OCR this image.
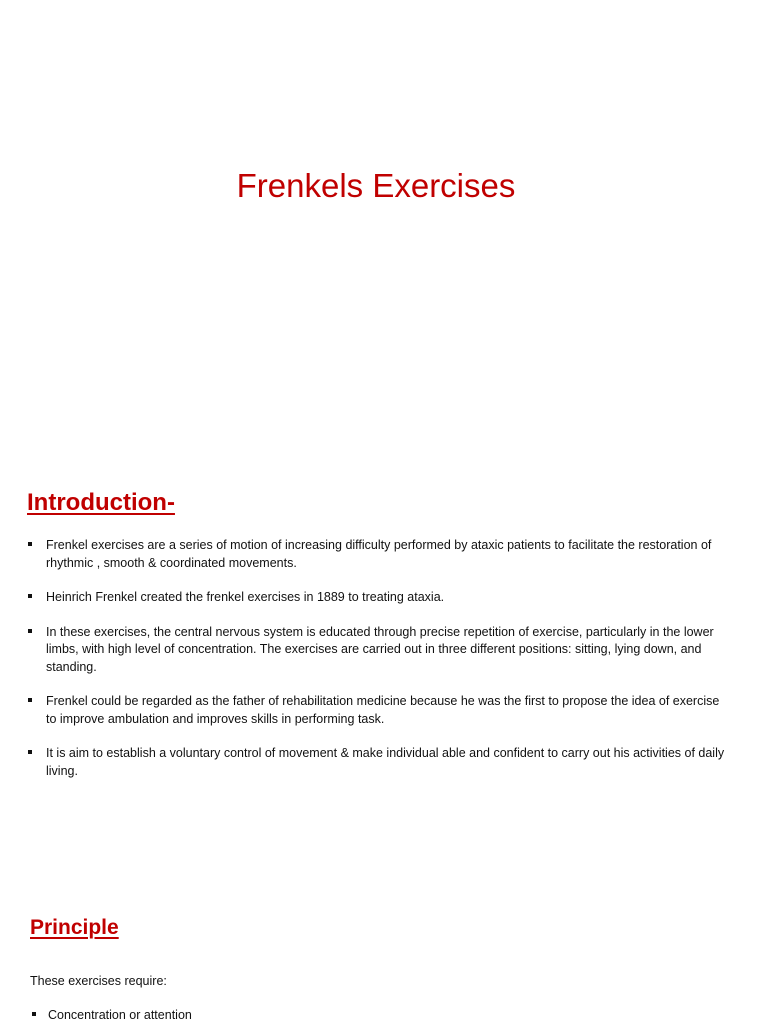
Frenkels Exercises
Introduction-
Frenkel exercises are a series of motion of increasing difficulty performed by ataxic patients to facilitate the restoration of rhythmic , smooth & coordinated movements.
Heinrich Frenkel created the frenkel exercises in 1889 to treating ataxia.
In these exercises, the central nervous system is educated through precise repetition of exercise, particularly in the lower limbs, with high level of concentration. The exercises are carried out in three different positions: sitting, lying down, and standing.
Frenkel could be regarded as the father of rehabilitation medicine because he was the first to propose the idea of exercise to improve ambulation and improves skills in performing task.
It is aim to establish a voluntary control of movement & make individual able and confident to carry out his activities of daily living.
Principle

These exercises require:

Concentration or attention
